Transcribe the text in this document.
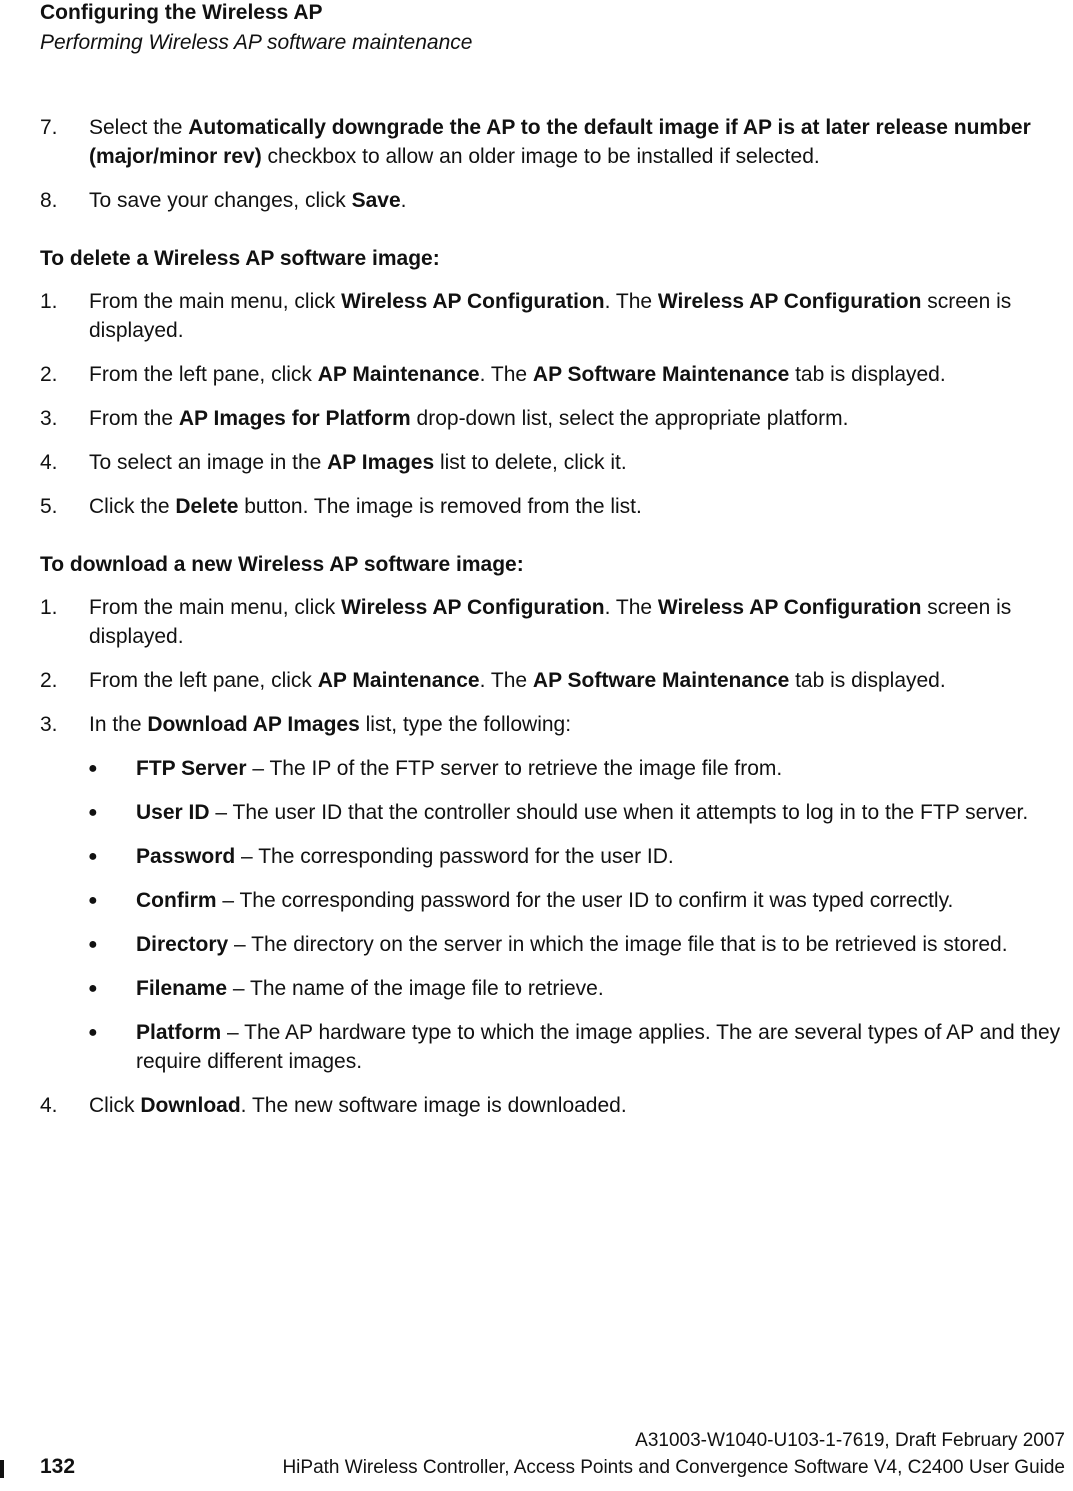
Configuring the Wireless AP
Performing Wireless AP software maintenance
7. Select the Automatically downgrade the AP to the default image if AP is at later release number (major/minor rev) checkbox to allow an older image to be installed if selected.
8. To save your changes, click Save.
To delete a Wireless AP software image:
1. From the main menu, click Wireless AP Configuration. The Wireless AP Configuration screen is displayed.
2. From the left pane, click AP Maintenance. The AP Software Maintenance tab is displayed.
3. From the AP Images for Platform drop-down list, select the appropriate platform.
4. To select an image in the AP Images list to delete, click it.
5. Click the Delete button. The image is removed from the list.
To download a new Wireless AP software image:
1. From the main menu, click Wireless AP Configuration. The Wireless AP Configuration screen is displayed.
2. From the left pane, click AP Maintenance. The AP Software Maintenance tab is displayed.
3. In the Download AP Images list, type the following:
● FTP Server – The IP of the FTP server to retrieve the image file from.
● User ID – The user ID that the controller should use when it attempts to log in to the FTP server.
● Password – The corresponding password for the user ID.
● Confirm – The corresponding password for the user ID to confirm it was typed correctly.
● Directory – The directory on the server in which the image file that is to be retrieved is stored.
● Filename – The name of the image file to retrieve.
● Platform – The AP hardware type to which the image applies. The are several types of AP and they require different images.
4. Click Download. The new software image is downloaded.
132
A31003-W1040-U103-1-7619, Draft February 2007
HiPath Wireless Controller, Access Points and Convergence Software V4, C2400 User Guide
